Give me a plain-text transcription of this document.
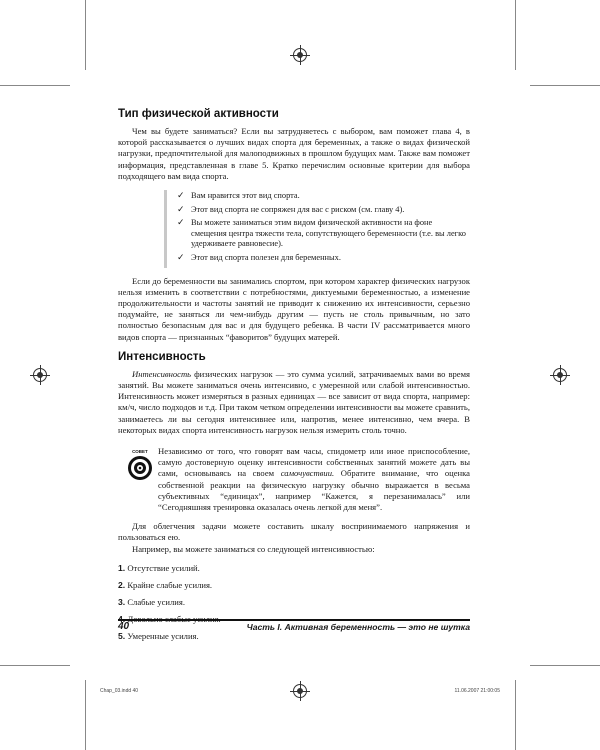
Тип физической активности

Чем вы будете заниматься? Если вы затрудняетесь с выбором, вам поможет глава 4, в которой рассказывается о лучших видах спорта для беременных, а также о видах физической нагрузки, предпочтительной для малоподвижных в прошлом будущих мам. Также вам поможет информация, представленная в главе 5. Кратко перечислим основные критерии для выбора подходящего вам вида спорта.

✓ Вам нравится этот вид спорта.
✓ Этот вид спорта не сопряжен для вас с риском (см. главу 4).
✓ Вы можете заниматься этим видом физической активности на фоне смещения центра тяжести тела, сопутствующего беременности (т.е. вы легко удерживаете равновесие).
✓ Этот вид спорта полезен для беременных.

Если до беременности вы занимались спортом, при котором характер физических нагрузок нельзя изменить в соответствии с потребностями, диктуемыми беременностью, а изменение продолжительности и частоты занятий не приводит к снижению их интенсивности, серьезно подумайте, не заняться ли чем-нибудь другим — пусть не столь привычным, но зато полностью безопасным для вас и для будущего ребенка. В части IV рассматривается много видов спорта — признанных “фаворитов” будущих матерей.

Интенсивность

Интенсивность физических нагрузок — это сумма усилий, затрачиваемых вами во время занятий. Вы можете заниматься очень интенсивно, с умеренной или слабой интенсивностью. Интенсивность может измеряться в разных единицах — все зависит от вида спорта, например: км/ч, число подходов и т.д. При таком четком определении интенсивности вы можете сравнить, занимаетесь ли вы сегодня интенсивнее или, напротив, менее интенсивно, чем вчера. В некоторых видах спорта интенсивность нагрузок нельзя измерить столь точно.

СОВЕТ Независимо от того, что говорят вам часы, спидометр или иное приспособление, самую достоверную оценку интенсивности собственных занятий можете дать вы сами, основываясь на своем самочувствии. Обратите внимание, что оценка собственной реакции на физическую нагрузку обычно выражается в весьма субъективных “единицах”, например “Кажется, я перезанималась” или “Сегодняшняя тренировка оказалась очень легкой для меня”.

Для облегчения задачи можете составить шкалу воспринимаемого напряжения и пользоваться ею.

Например, вы можете заниматься со следующей интенсивностью:

1. Отсутствие усилий.
2. Крайне слабые усилия.
3. Слабые усилия.
5. Умеренные усилия.
40	Часть I. Активная беременность — это не шутка
Chap_03.indd 40	11.06.2007 21:00:05
